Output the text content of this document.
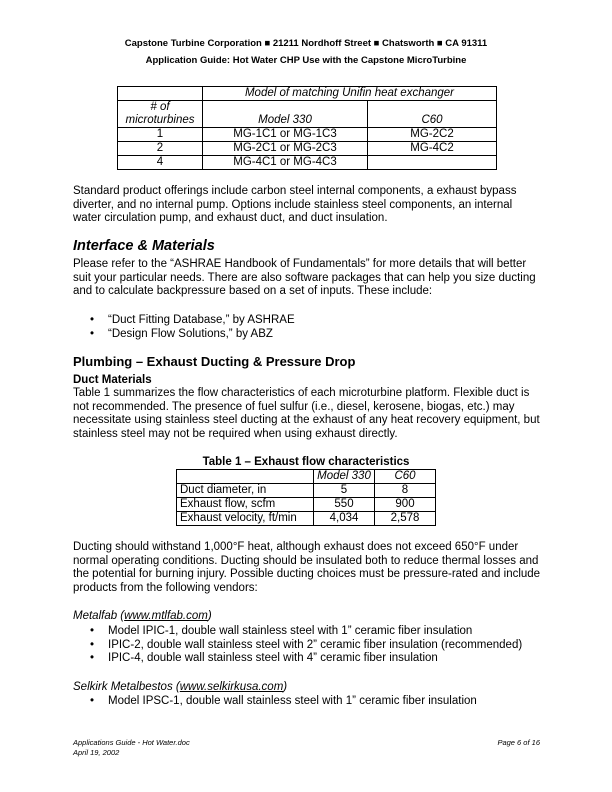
Capstone Turbine Corporation ■ 21211 Nordhoff Street ■ Chatsworth ■ CA 91311
Application Guide: Hot Water CHP Use with the Capstone MicroTurbine
	Model of matching Unifin heat exchanger	

# of
microturbines	Model 330	C60
1	MG-1C1 or MG-1C3	MG-2C2
2	MG-2C1 or MG-2C3	MG-4C2
4	MG-4C1 or MG-4C3	
Standard product offerings include carbon steel internal components, a exhaust bypass diverter, and no internal pump. Options include stainless steel components, an internal water circulation pump, and exhaust duct, and duct insulation.
Interface & Materials
Please refer to the “ASHRAE Handbook of Fundamentals” for more details that will better suit your particular needs. There are also software packages that can help you size ducting and to calculate backpressure based on a set of inputs. These include:
• “Duct Fitting Database,” by ASHRAE
• “Design Flow Solutions,” by ABZ
Plumbing – Exhaust Ducting & Pressure Drop
Duct Materials
Table 1 summarizes the flow characteristics of each microturbine platform. Flexible duct is not recommended. The presence of fuel sulfur (i.e., diesel, kerosene, biogas, etc.) may necessitate using stainless steel ducting at the exhaust of any heat recovery equipment, but stainless steel may not be required when using exhaust directly.
Table 1 – Exhaust flow characteristics
	Model 330	C60
Duct diameter, in	5	8
Exhaust flow, scfm	550	900
Exhaust velocity, ft/min	4,034	2,578
Ducting should withstand 1,000°F heat, although exhaust does not exceed 650°F under normal operating conditions. Ducting should be insulated both to reduce thermal losses and the potential for burning injury. Possible ducting choices must be pressure-rated and include products from the following vendors:
Metalfab (www.mtlfab.com)
• Model IPIC-1, double wall stainless steel with 1” ceramic fiber insulation
• IPIC-2, double wall stainless steel with 2” ceramic fiber insulation (recommended)
• IPIC-4, double wall stainless steel with 4” ceramic fiber insulation
Selkirk Metalbestos (www.selkirkusa.com)
• Model IPSC-1, double wall stainless steel with 1” ceramic fiber insulation
Applications Guide - Hot Water.doc
April 19, 2002
Page 6 of 16
